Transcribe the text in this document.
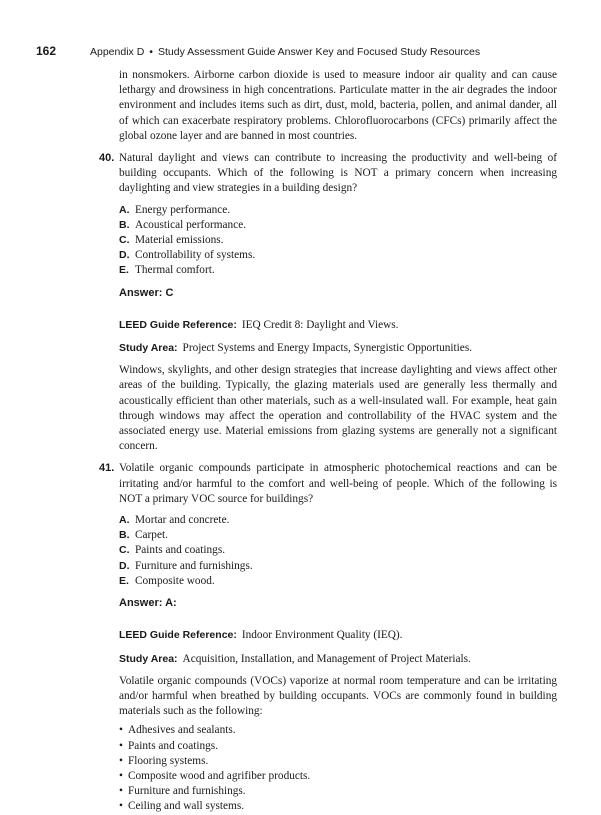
162	Appendix D • Study Assessment Guide Answer Key and Focused Study Resources

in nonsmokers. Airborne carbon dioxide is used to measure indoor air quality and can cause lethargy and drowsiness in high concentrations. Particulate matter in the air degrades the indoor environment and includes items such as dirt, dust, mold, bacteria, pollen, and animal dander, all of which can exacerbate respiratory problems. Chlorofluorocarbons (CFCs) primarily affect the global ozone layer and are banned in most countries.

40. Natural daylight and views can contribute to increasing the productivity and well-being of building occupants. Which of the following is NOT a primary concern when increasing daylighting and view strategies in a building design?

A. Energy performance.
B. Acoustical performance.
C. Material emissions.
D. Controllability of systems.
E. Thermal comfort.

Answer: C

LEED Guide Reference: IEQ Credit 8: Daylight and Views.

Study Area: Project Systems and Energy Impacts, Synergistic Opportunities.

Windows, skylights, and other design strategies that increase daylighting and views affect other areas of the building. Typically, the glazing materials used are generally less thermally and acoustically efficient than other materials, such as a well-insulated wall. For example, heat gain through windows may affect the operation and controllability of the HVAC system and the associated energy use. Material emissions from glazing systems are generally not a significant concern.

41. Volatile organic compounds participate in atmospheric photochemical reactions and can be irritating and/or harmful to the comfort and well-being of people. Which of the following is NOT a primary VOC source for buildings?

A. Mortar and concrete.
B. Carpet.
C. Paints and coatings.
D. Furniture and furnishings.
E. Composite wood.

Answer: A:

LEED Guide Reference: Indoor Environment Quality (IEQ).

Study Area: Acquisition, Installation, and Management of Project Materials.

Volatile organic compounds (VOCs) vaporize at normal room temperature and can be irritating and/or harmful when breathed by building occupants. VOCs are commonly found in building materials such as the following:

• Adhesives and sealants.
• Paints and coatings.
• Flooring systems.
• Composite wood and agrifiber products.
• Furniture and furnishings.
• Ceiling and wall systems.
